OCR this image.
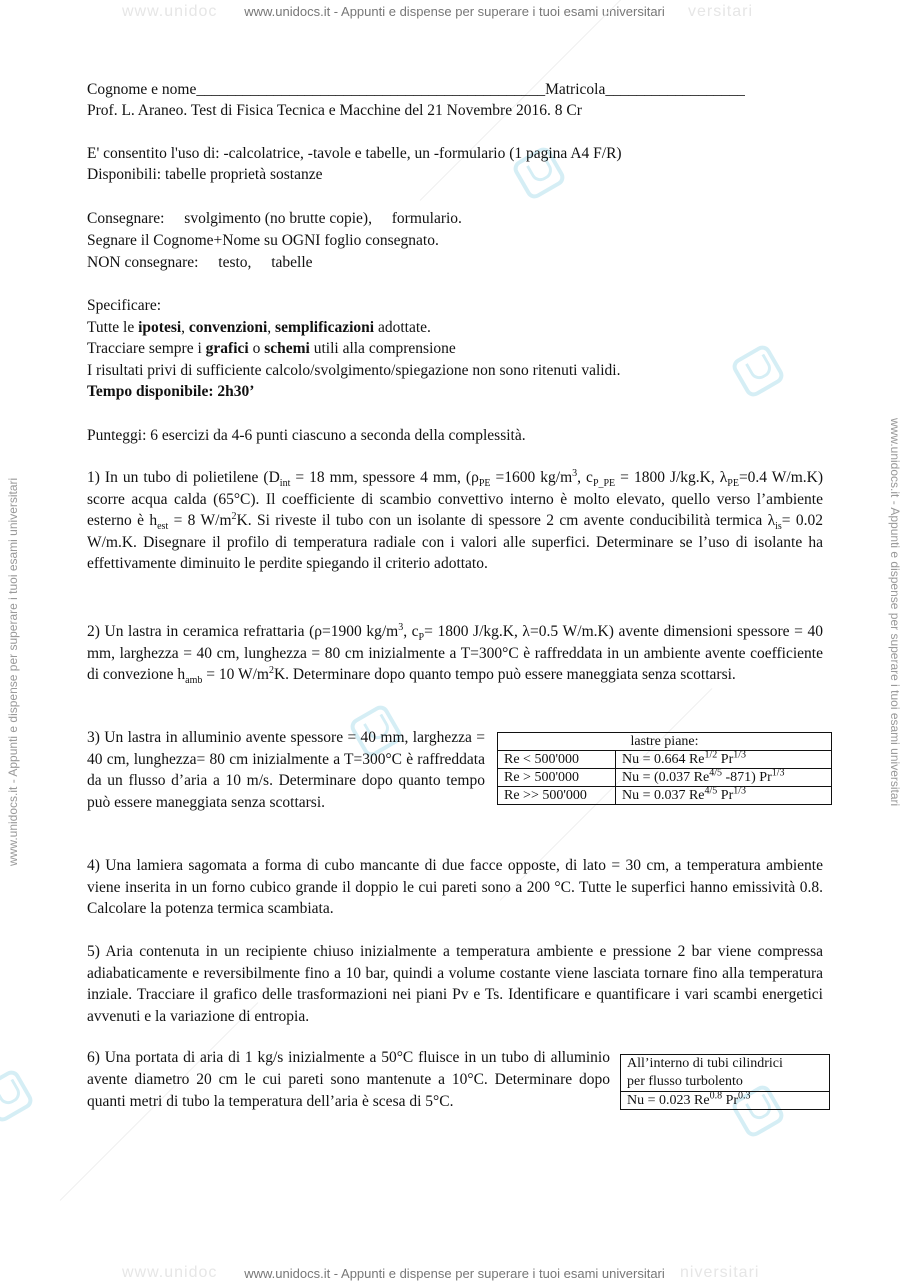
www.unidoc	versitari
www.unidocs.it - Appunti e dispense per superare i tuoi esami universitari
www.unidoc	niversitari
www.unidocs.it - Appunti e dispense per superare i tuoi esami universitari
www.unidocs.it - Appunti e dispense per superare i tuoi esami universitari	www.unidocs.it - Appunti e dispense per superare i tuoi esami universitari
Cognome e nome_____________________________________________Matricola__________________
Prof. L. Araneo. Test di Fisica Tecnica e Macchine del 21 Novembre 2016. 8 Cr
E' consentito l'uso di: -calcolatrice, -tavole e tabelle, un -formulario (1 pagina A4 F/R)
Disponibili: tabelle proprietà sostanze
Consegnare: svolgimento (no brutte copie), formulario.
Segnare il Cognome+Nome su OGNI foglio consegnato.
NON consegnare: testo, tabelle
Specificare:
Tutte le ipotesi, convenzioni, semplificazioni adottate.
Tracciare sempre i grafici o schemi utili alla comprensione
I risultati privi di sufficiente calcolo/svolgimento/spiegazione non sono ritenuti validi.
Tempo disponibile: 2h30’
Punteggi: 6 esercizi da 4-6 punti ciascuno a seconda della complessità.

1) In un tubo di polietilene ($D_{int} = 18$ mm, spessore 4 mm, ($\rho_{PE} =1600$ $kg/m^3$, $c_{P\_PE} = 1800$ J/kg.K, $\lambda_{PE}=0.4$ W/m.K) scorre acqua calda (65°C). Il coefficiente di scambio convettivo interno è molto elevato, quello verso l’ambiente esterno è $h_{est} = 8$ $W/m^2K$. Si riveste il tubo con un isolante di spessore 2 cm avente conducibilità termica $\lambda_{is}= 0.02$ W/m.K. Disegnare il profilo di temperatura radiale con i valori alle superfici. Determinare se l’uso di isolante ha effettivamente diminuito le perdite spiegando il criterio adottato.

2) Un lastra in ceramica refrattaria (ρ=1900 $kg/m^3$, $c_P= 1800$ J/kg.K, λ=0.5 W/m.K) avente dimensioni spessore = 40 mm, larghezza = 40 cm, lunghezza = 80 cm inizialmente a T=300°C è raffreddata in un ambiente avente coefficiente di convezione $h_{amb} = 10$ $W/m^2K$. Determinare dopo quanto tempo può essere maneggiata senza scottarsi.

3) Un lastra in alluminio avente spessore = 40 mm, larghezza = 40 cm, lunghezza= 80 cm inizialmente a T=300°C è raffreddata da un flusso d’aria a 10 m/s. Determinare dopo quanto tempo può essere maneggiata senza scottarsi.
lastre piane:	
Re < 500'000	Nu = 0.664 $Re^{1/2}$ $Pr^{1/3}$
Re > 500'000	Nu = (0.037 $Re^{4/5}$ -871) $Pr^{1/3}$
Re >> 500'000	Nu = 0.037 $Re^{4/5}$ $Pr^{1/3}$
4) Una lamiera sagomata a forma di cubo mancante di due facce opposte, di lato = 30 cm, a temperatura ambiente viene inserita in un forno cubico grande il doppio le cui pareti sono a 200 °C. Tutte le superfici hanno emissività 0.8. Calcolare la potenza termica scambiata.
5) Aria contenuta in un recipiente chiuso inizialmente a temperatura ambiente e pressione 2 bar viene compressa adiabaticamente e reversibilmente fino a 10 bar, quindi a volume costante viene lasciata tornare fino alla temperatura inziale. Tracciare il grafico delle trasformazioni nei piani Pv e Ts. Identificare e quantificare i vari scambi energetici avvenuti e la variazione di entropia.
6) Una portata di aria di 1 kg/s inizialmente a 50°C fluisce in un tubo di alluminio avente diametro 20 cm le cui pareti sono mantenute a 10°C. Determinare dopo quanti metri di tubo la temperatura dell’aria è scesa di 5°C.
All’interno di tubi cilindrici
per flusso turbolento

Nu = 0.023 $Re^{0.8}$ $Pr^{0.3}$
